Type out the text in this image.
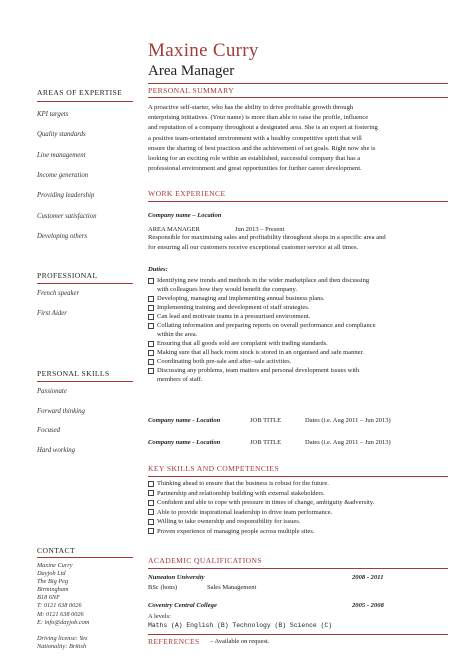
Maxine Curry
Area Manager
AREAS OF EXPERTISE
KPI targets
Quality standards
Line management
Income generation
Providing leadership
Customer satisfaction
Developing others
PROFESSIONAL
French speaker
First Aider
PERSONAL SKILLS
Passionate
Forward thinking
Focused
Hard working
CONTACT
Maxine Curry
Dayjob Ltd
The Big Peg
Birmingham
B18 6NF
T: 0121 638 0026
M: 0121 638 0026
E: info@dayjob.com

Driving license: Yes
Nationality: British
PERSONAL SUMMARY
A proactive self-starter, who has the ability to drive profitable growth through
enterprising initiatives. (Your name) is more than able to raise the profile, influence
and reputation of a company throughout a designated area. She is an expert at fostering
a positive team-orientated environment with a healthy competitive spirit that will
ensure the sharing of best practices and the achievement of set goals. Right now she is
looking for an exciting role within an established, successful company that has a
professional environment and great opportunities for further career development.
WORK EXPERIENCE
Company name – Location
AREA MANAGER	Jun 2013 – Present
Responsible for maximising sales and profitability throughout shops in a specific area and
for ensuring all our customers receive exceptional customer service at all times.
Duties:
Identifying new trends and methods in the wider marketplace and then discussing
with colleagues how they would benefit the company.
Developing, managing and implementing annual business plans.
Implementing training and development of staff strategies.
Can lead and motivate teams in a pressurised environment.
Collating information and preparing reports on overall performance and compliance
within the area.
Ensuring that all goods sold are complaint with trading standards.
Making sure that all back room stock is stored in an organised and safe manner.
Coordinating both pre-sale and after–sale activities.
Discussing any problems, team matters and personal development issues with
members of staff.
Company name - Location	JOB TITLE	Dates (i.e. Aug 2011 – Jun 2013)
Company name - Location	JOB TITLE	Dates (i.e. Aug 2011 – Jun 2013)
KEY SKILLS AND COMPETENCIES
Thinking ahead to ensure that the business is robust for the future.
Partnership and relationship building with external stakeholders.
Confident and able to cope with pressure in times of change, ambiguity &adversity.
Able to provide inspirational leadership to drive team performance.
Willing to take ownership and responsibility for issues.
Proven experience of managing people across multiple sites.
ACADEMIC QUALIFICATIONS
Nuneaton University	2008 - 2011
BSc (hons)	Sales Management
Coventry Central College	2005 - 2008
A levels:
Maths (A) English (B) Technology (B) Science (C)
REFERENCES – Available on request.
